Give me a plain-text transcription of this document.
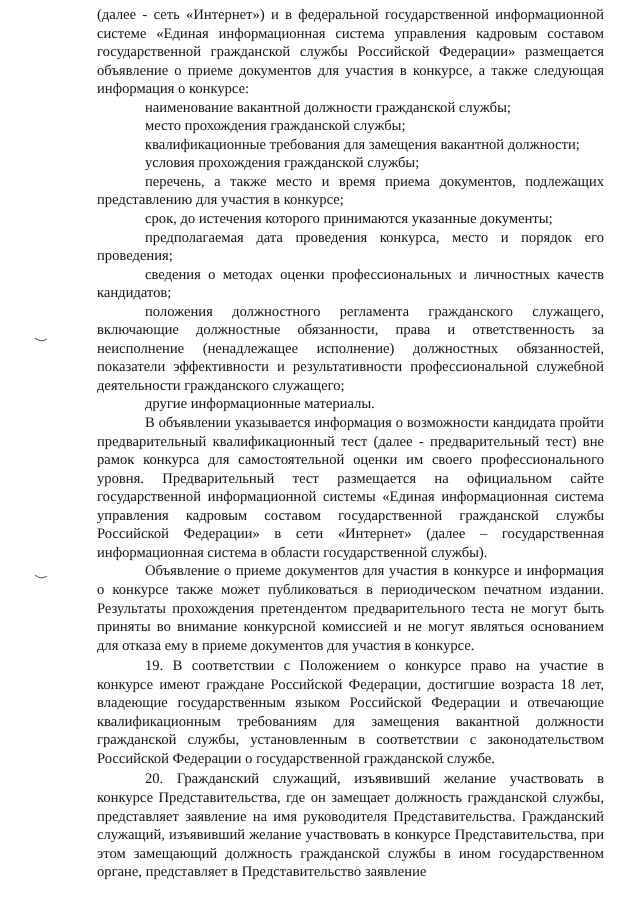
(далее - сеть «Интернет») и в федеральной государственной информационной системе «Единая информационная система управления кадровым составом государственной гражданской службы Российской Федерации» размещается объявление о приеме документов для участия в конкурсе, а также следующая информация о конкурсе:

наименование вакантной должности гражданской службы;

место прохождения гражданской службы;

квалификационные требования для замещения вакантной должности;

условия прохождения гражданской службы;

перечень, а также место и время приема документов, подлежащих представлению для участия в конкурсе;

срок, до истечения которого принимаются указанные документы;

предполагаемая дата проведения конкурса, место и порядок его проведения;

сведения о методах оценки профессиональных и личностных качеств кандидатов;

положения должностного регламента гражданского служащего, включающие должностные обязанности, права и ответственность за неисполнение (ненадлежащее исполнение) должностных обязанностей, показатели эффективности и результативности профессиональной служебной деятельности гражданского служащего;

другие информационные материалы.

В объявлении указывается информация о возможности кандидата пройти предварительный квалификационный тест (далее - предварительный тест) вне рамок конкурса для самостоятельной оценки им своего профессионального уровня. Предварительный тест размещается на официальном сайте государственной информационной системы «Единая информационная система управления кадровым составом государственной гражданской службы Российской Федерации» в сети «Интернет» (далее – государственная информационная система в области государственной службы).

Объявление о приеме документов для участия в конкурсе и информация о конкурсе также может публиковаться в периодическом печатном издании. Результаты прохождения претендентом предварительного теста не могут быть приняты во внимание конкурсной комиссией и не могут являться основанием для отказа ему в приеме документов для участия в конкурсе.

19. В соответствии с Положением о конкурсе право на участие в конкурсе имеют граждане Российской Федерации, достигшие возраста 18 лет, владеющие государственным языком Российской Федерации и отвечающие квалификационным требованиям для замещения вакантной должности гражданской службы, установленным в соответствии с законодательством Российской Федерации о государственной гражданской службе.

20. Гражданский служащий, изъявивший желание участвовать в конкурсе Представительства, где он замещает должность гражданской службы, представляет заявление на имя руководителя Представительства. Гражданский служащий, изъявивший желание участвовать в конкурсе Представительства, при этом замещающий должность гражданской службы в ином государственном органе, представляет в Представительство заявление
